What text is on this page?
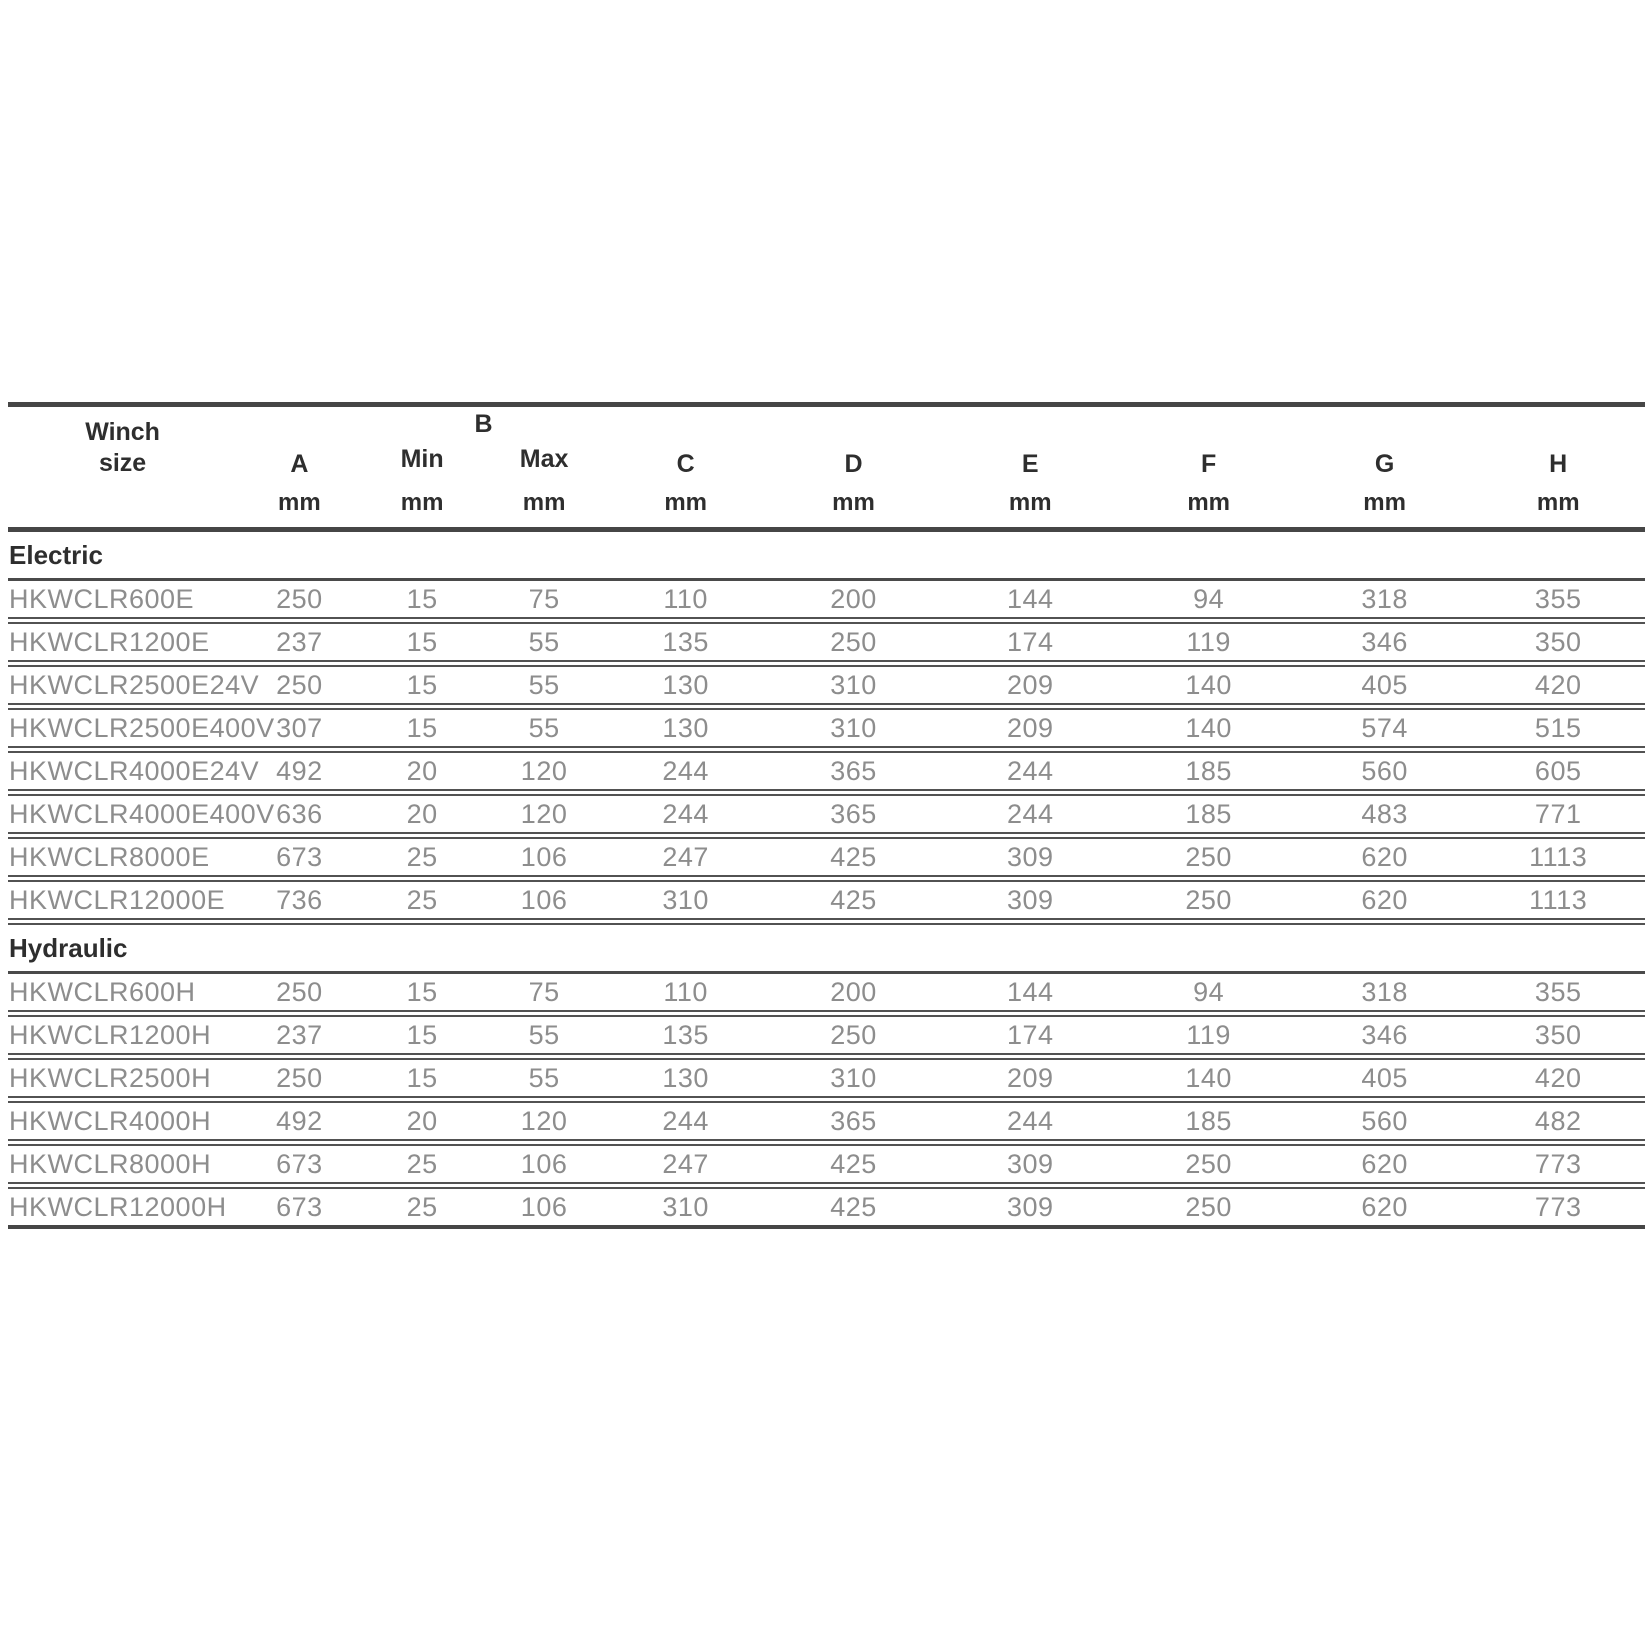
Winch
size	A	B		C	D	E	F	G	H
		Min	Max						
	mm	mm	mm	mm	mm	mm	mm	mm	mm
Electric									
HKWCLR600E	250	15	75	110	200	144	94	318	355
HKWCLR1200E	237	15	55	135	250	174	119	346	350
HKWCLR2500E24V	250	15	55	130	310	209	140	405	420
HKWCLR2500E400V	307	15	55	130	310	209	140	574	515
HKWCLR4000E24V	492	20	120	244	365	244	185	560	605
HKWCLR4000E400V	636	20	120	244	365	244	185	483	771
HKWCLR8000E	673	25	106	247	425	309	250	620	1113
HKWCLR12000E	736	25	106	310	425	309	250	620	1113
Hydraulic									
HKWCLR600H	250	15	75	110	200	144	94	318	355
HKWCLR1200H	237	15	55	135	250	174	119	346	350
HKWCLR2500H	250	15	55	130	310	209	140	405	420
HKWCLR4000H	492	20	120	244	365	244	185	560	482
HKWCLR8000H	673	25	106	247	425	309	250	620	773
HKWCLR12000H	673	25	106	310	425	309	250	620	773
